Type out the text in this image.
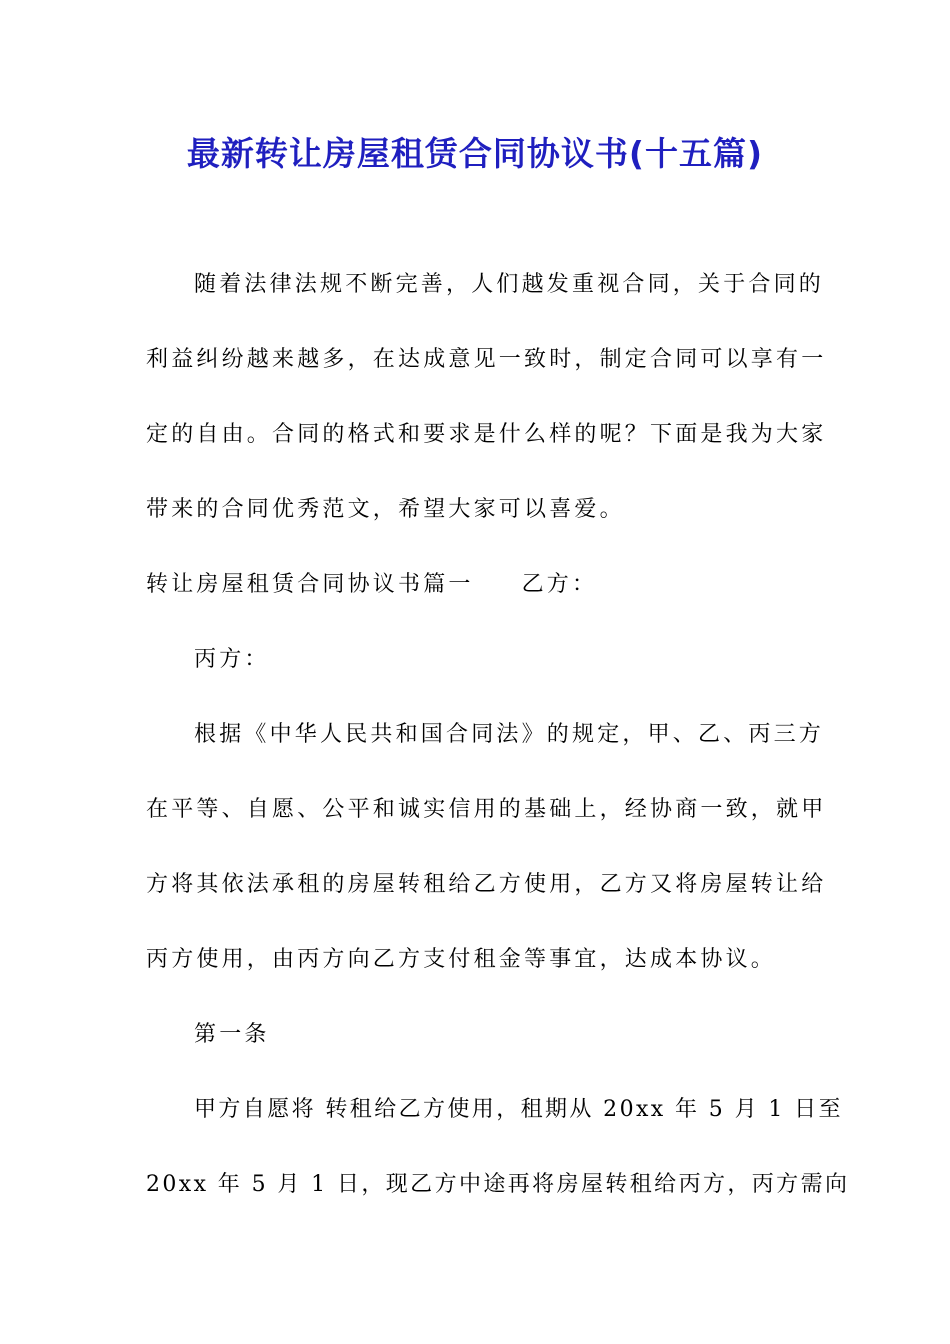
最新转让房屋租赁合同协议书(十五篇)
随着法律法规不断完善，人们越发重视合同，关于合同的
利益纠纷越来越多，在达成意见一致时，制定合同可以享有一
定的自由。合同的格式和要求是什么样的呢？下面是我为大家
带来的合同优秀范文，希望大家可以喜爱。
转让房屋租赁合同协议书篇一 乙方：
丙方：
根据《中华人民共和国合同法》的规定，甲、乙、丙三方
在平等、自愿、公平和诚实信用的基础上，经协商一致，就甲
方将其依法承租的房屋转租给乙方使用，乙方又将房屋转让给
丙方使用，由丙方向乙方支付租金等事宜，达成本协议。
第一条
甲方自愿将 转租给乙方使用，租期从 20xx 年 5 月 1 日至
20xx 年 5 月 1 日，现乙方中途再将房屋转租给丙方，丙方需向
